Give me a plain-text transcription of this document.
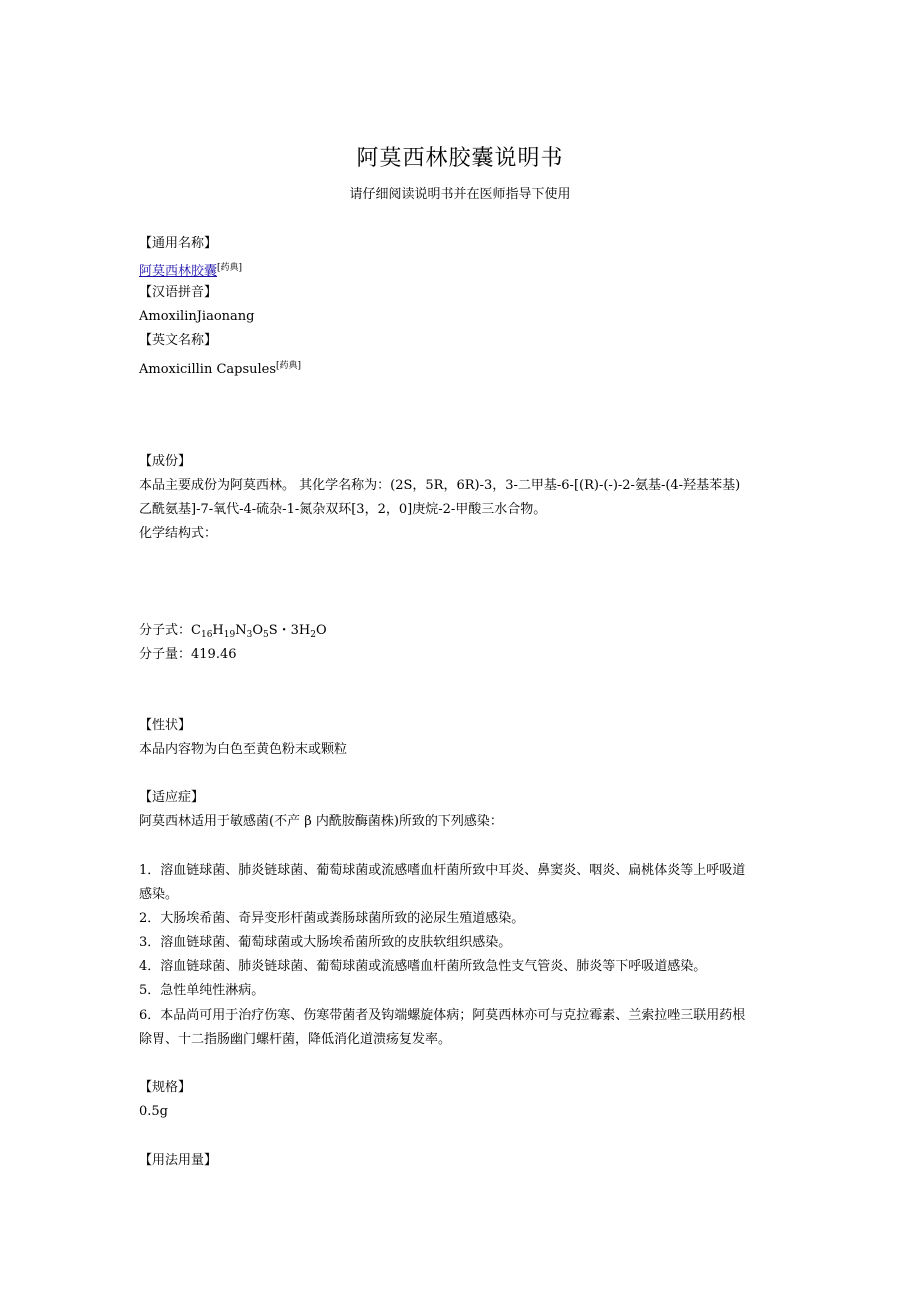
阿莫西林胶囊说明书
请仔细阅读说明书并在医师指导下使用
【通用名称】
阿莫西林胶囊[药典]
【汉语拼音】
AmoxilinJiaonang
【英文名称】
Amoxicillin Capsules[药典]
【成份】
本品主要成份为阿莫西林。 其化学名称为：(2S，5R，6R)-3，3-二甲基-6-[(R)-(-)-2-氨基-(4-羟基苯基)
乙酰氨基]-7-氧代-4-硫杂-1-氮杂双环[3，2，0]庚烷-2-甲酸三水合物。
化学结构式：
分子式：$C_{16}H_{19}N_3O_5S$・$3H_2O$
分子量：419.46
【性状】
本品内容物为白色至黄色粉末或颗粒
【适应症】
阿莫西林适用于敏感菌(不产 β 内酰胺酶菌株)所致的下列感染：
1．溶血链球菌、肺炎链球菌、葡萄球菌或流感嗜血杆菌所致中耳炎、鼻窦炎、咽炎、扁桃体炎等上呼吸道
感染。
2．大肠埃希菌、奇异变形杆菌或粪肠球菌所致的泌尿生殖道感染。
3．溶血链球菌、葡萄球菌或大肠埃希菌所致的皮肤软组织感染。
4．溶血链球菌、肺炎链球菌、葡萄球菌或流感嗜血杆菌所致急性支气管炎、肺炎等下呼吸道感染。
5．急性单纯性淋病。
6．本品尚可用于治疗伤寒、伤寒带菌者及钩端螺旋体病；阿莫西林亦可与克拉霉素、兰索拉唑三联用药根
除胃、十二指肠幽门螺杆菌，降低消化道溃疡复发率。
【规格】
0.5g
【用法用量】
